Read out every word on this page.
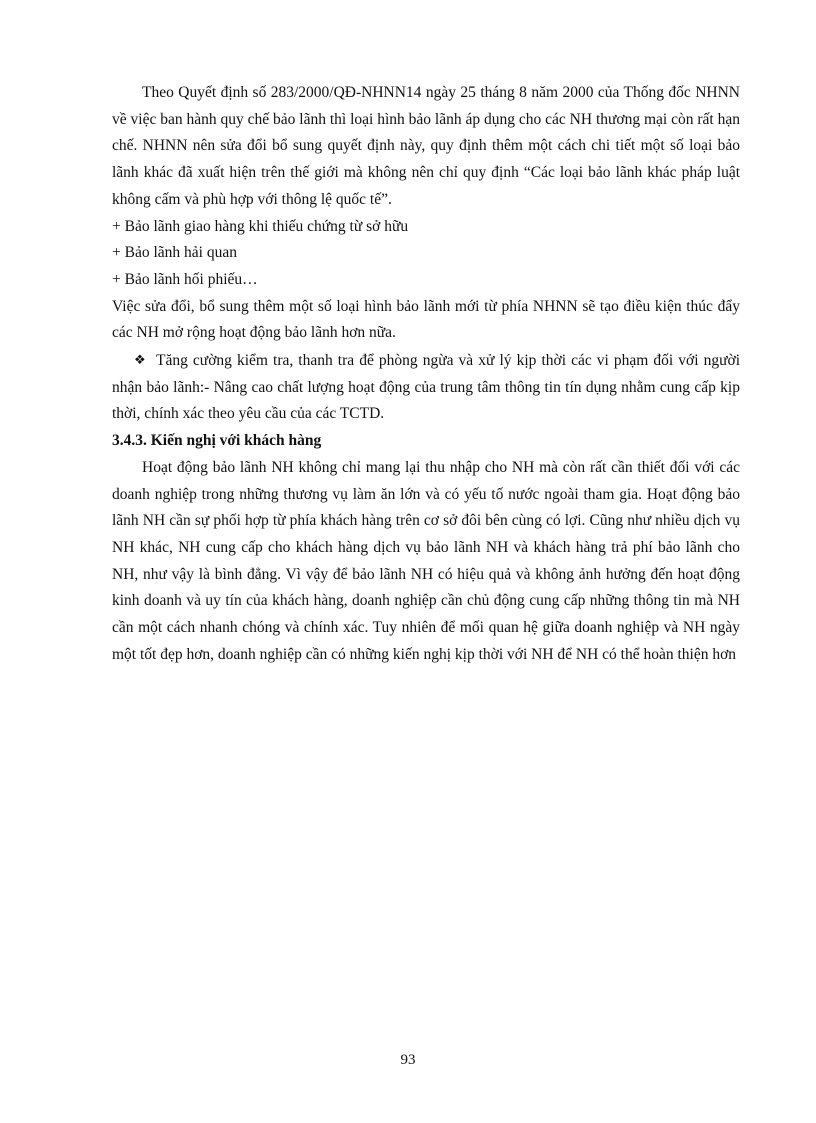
Theo Quyết định số 283/2000/QĐ-NHNN14 ngày 25 tháng 8 năm 2000 của Thống đốc NHNN về việc ban hành quy chế bảo lãnh thì loại hình bảo lãnh áp dụng cho các NH thương mại còn rất hạn chế. NHNN nên sửa đổi bổ sung quyết định này, quy định thêm một cách chi tiết một số loại bảo lãnh khác đã xuất hiện trên thế giới mà không nên chỉ quy định “Các loại bảo lãnh khác pháp luật không cấm và phù hợp với thông lệ quốc tế”.

+ Bảo lãnh giao hàng khi thiếu chứng từ sở hữu

+ Bảo lãnh hải quan

+ Bảo lãnh hối phiếu…

Việc sửa đổi, bổ sung thêm một số loại hình bảo lãnh mới từ phía NHNN sẽ tạo điều kiện thúc đẩy các NH mở rộng hoạt động bảo lãnh hơn nữa.

❖ Tăng cường kiểm tra, thanh tra để phòng ngừa và xử lý kịp thời các vi phạm đối với người nhận bảo lãnh:- Nâng cao chất lượng hoạt động của trung tâm thông tin tín dụng nhằm cung cấp kịp thời, chính xác theo yêu cầu của các TCTD.

3.4.3. Kiến nghị với khách hàng

Hoạt động bảo lãnh NH không chỉ mang lại thu nhập cho NH mà còn rất cần thiết đối với các doanh nghiệp trong những thương vụ làm ăn lớn và có yếu tố nước ngoài tham gia. Hoạt động bảo lãnh NH cần sự phối hợp từ phía khách hàng trên cơ sở đôi bên cùng có lợi. Cũng như nhiều dịch vụ NH khác, NH cung cấp cho khách hàng dịch vụ bảo lãnh NH và khách hàng trả phí bảo lãnh cho NH, như vậy là bình đẳng. Vì vậy để bảo lãnh NH có hiệu quả và không ảnh hưởng đến hoạt động kinh doanh và uy tín của khách hàng, doanh nghiệp cần chủ động cung cấp những thông tin mà NH cần một cách nhanh chóng và chính xác. Tuy nhiên để mối quan hệ giữa doanh nghiệp và NH ngày một tốt đẹp hơn, doanh nghiệp cần có những kiến nghị kịp thời với NH để NH có thể hoàn thiện hơn

93
